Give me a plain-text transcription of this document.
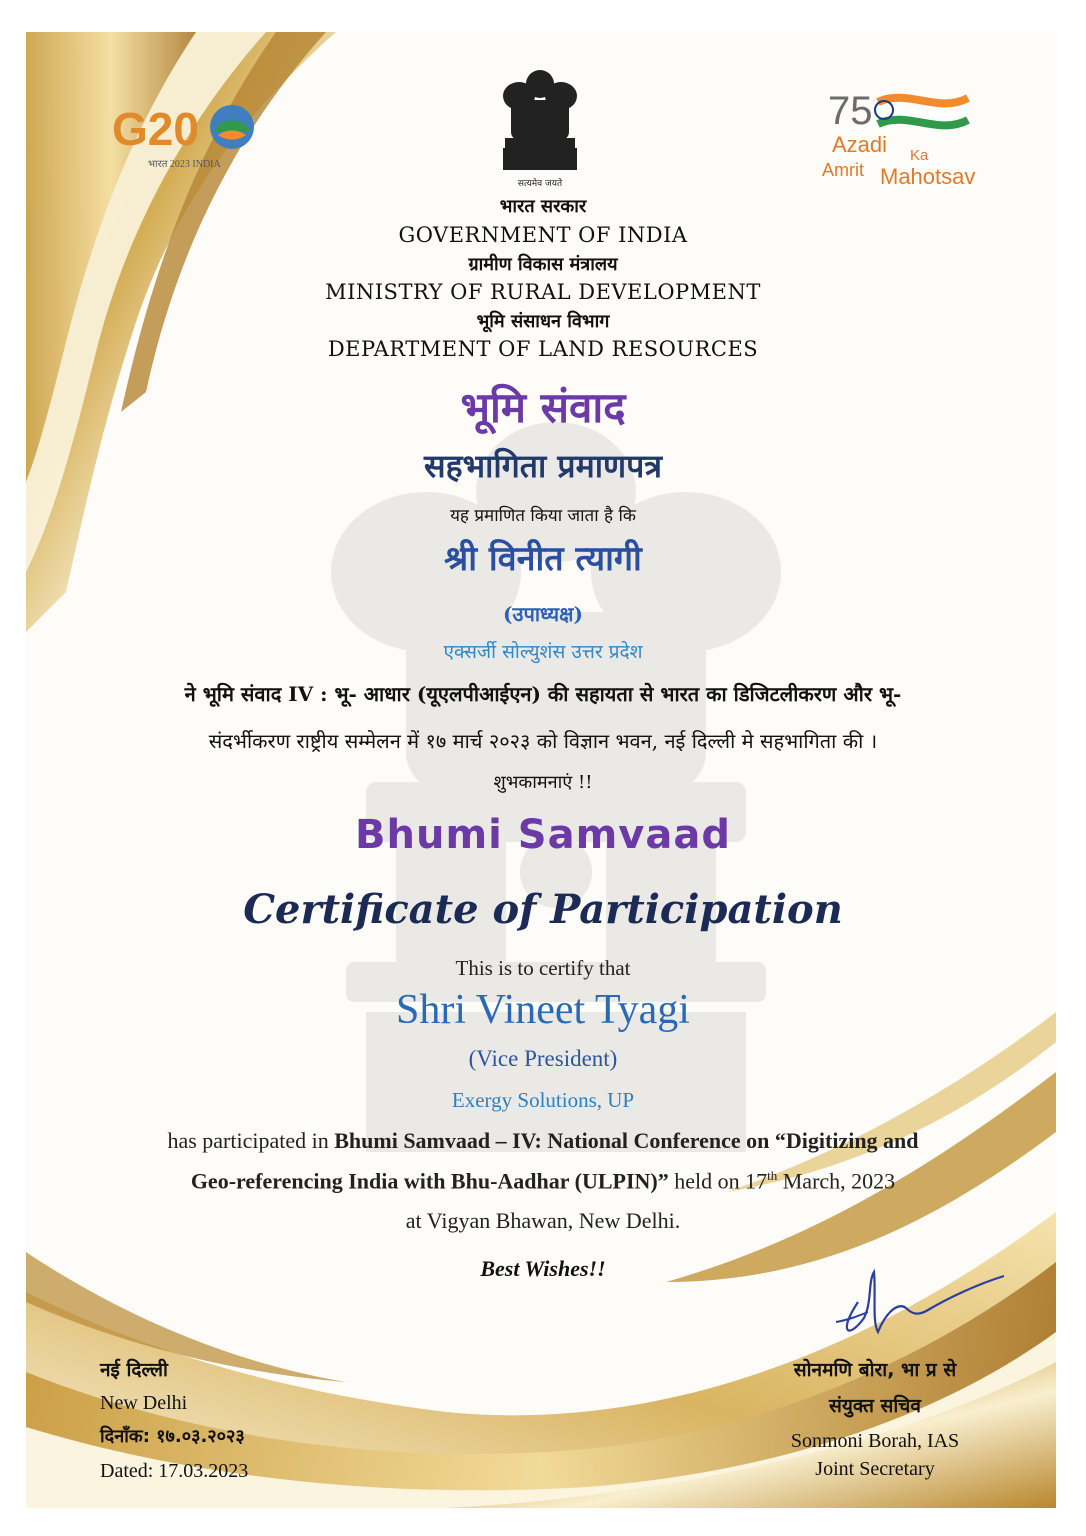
G20
भारत 2023 INDIA
75
Azadi Ka
Amrit Mahotsav
सत्यमेव जयते
भारत सरकार
GOVERNMENT OF INDIA
ग्रामीण विकास मंत्रालय
MINISTRY OF RURAL DEVELOPMENT
भूमि संसाधन विभाग
DEPARTMENT OF LAND RESOURCES
भूमि संवाद
सहभागिता प्रमाणपत्र
यह प्रमाणित किया जाता है कि
श्री विनीत त्यागी
(उपाध्यक्ष)
एक्सर्जी सोल्युशंस उत्तर प्रदेश
ने भूमि संवाद IV : भू- आधार (यूएलपीआईएन) की सहायता से भारत का डिजिटलीकरण और भू-
संदर्भीकरण राष्ट्रीय सम्मेलन में १७ मार्च २०२३ को विज्ञान भवन, नई दिल्ली मे सहभागिता की ।
शुभकामनाएं !!
Bhumi Samvaad
Certificate of Participation
This is to certify that
Shri Vineet Tyagi
(Vice President)
Exergy Solutions, UP
has participated in Bhumi Samvaad – IV: National Conference on “Digitizing and
Geo-referencing India with Bhu-Aadhar (ULPIN)” held on 17th March, 2023
at Vigyan Bhawan, New Delhi.
Best Wishes!!
नई दिल्ली
New Delhi
दिनाँक: १७.०३.२०२३
Dated: 17.03.2023
सोनमणि बोरा, भा प्र से
संयुक्त सचिव
Sonmoni Borah, IAS
Joint Secretary
